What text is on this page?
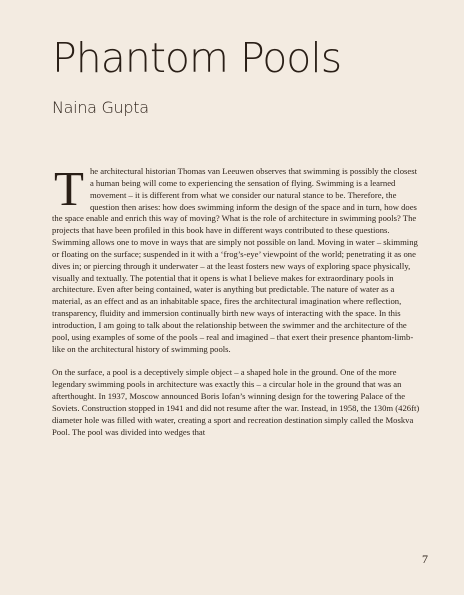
Phantom Pools
Naina Gupta

The architectural historian Thomas van Leeuwen observes that swimming is possibly the closest a human being will come to experiencing the sensation of flying. Swimming is a learned movement – it is different from what we consider our natural stance to be. Therefore, the question then arises: how does swimming inform the design of the space and in turn, how does the space enable and enrich this way of moving? What is the role of architecture in swimming pools? The projects that have been profiled in this book have in different ways contributed to these questions. Swimming allows one to move in ways that are simply not possible on land. Moving in water – skimming or floating on the surface; suspended in it with a ‘frog’s-eye’ viewpoint of the world; penetrating it as one dives in; or piercing through it underwater – at the least fosters new ways of exploring space physically, visually and textually. The potential that it opens is what I believe makes for extraordinary pools in architecture. Even after being contained, water is anything but predictable. The nature of water as a material, as an effect and as an inhabitable space, fires the architectural imagination where reflection, transparency, fluidity and immersion continually birth new ways of interacting with the space. In this introduction, I am going to talk about the relationship between the swimmer and the architecture of the pool, using examples of some of the pools – real and imagined – that exert their presence phantom-limb-like on the architectural history of swimming pools.

On the surface, a pool is a deceptively simple object – a shaped hole in the ground. One of the more legendary swimming pools in architecture was exactly this – a circular hole in the ground that was an afterthought. In 1937, Moscow announced Boris Iofan’s winning design for the towering Palace of the Soviets. Construction stopped in 1941 and did not resume after the war. Instead, in 1958, the 130m (426ft) diameter hole was filled with water, creating a sport and recreation destination simply called the Moskva Pool. The pool was divided into wedges that

7
